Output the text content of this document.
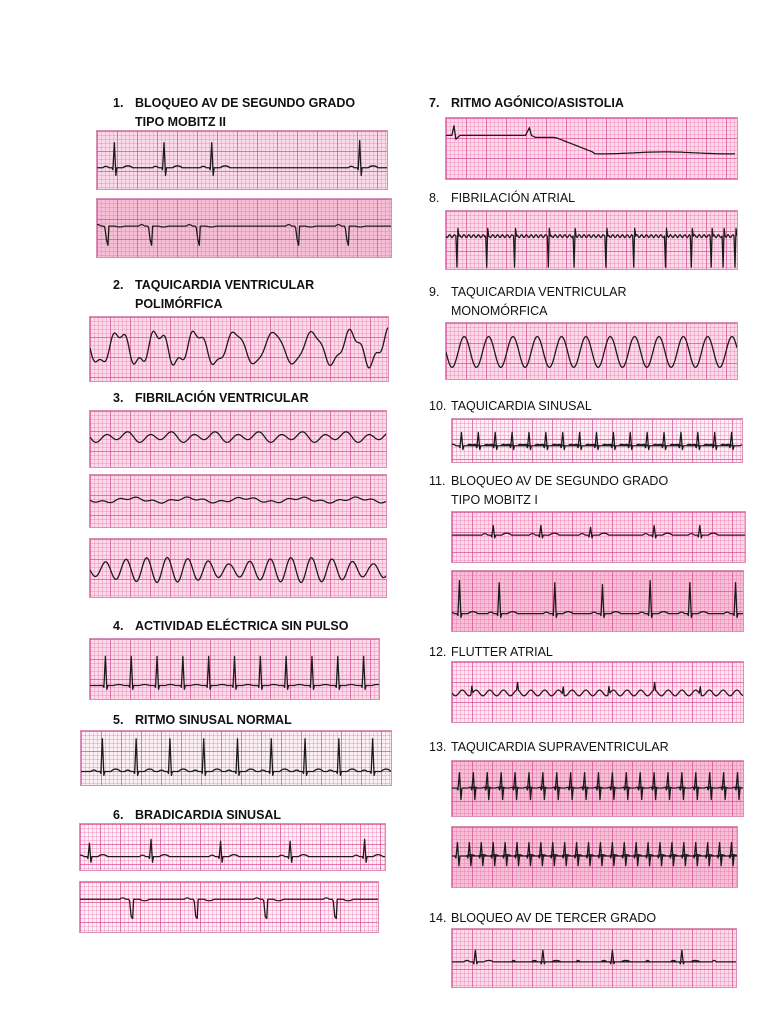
1. BLOQUEO AV DE SEGUNDO GRADO
TIPO MOBITZ II
2. TAQUICARDIA VENTRICULAR
POLIMÓRFICA
3. FIBRILACIÓN VENTRICULAR
4. ACTIVIDAD ELÉCTRICA SIN PULSO
5. RITMO SINUSAL NORMAL
6. BRADICARDIA SINUSAL
7. RITMO AGÓNICO/ASISTOLIA
8. FIBRILACIÓN ATRIAL
9. TAQUICARDIA VENTRICULAR
MONOMÓRFICA
10. TAQUICARDIA SINUSAL
11. BLOQUEO AV DE SEGUNDO GRADO
TIPO MOBITZ I
12. FLUTTER ATRIAL
13. TAQUICARDIA SUPRAVENTRICULAR
14. BLOQUEO AV DE TERCER GRADO
